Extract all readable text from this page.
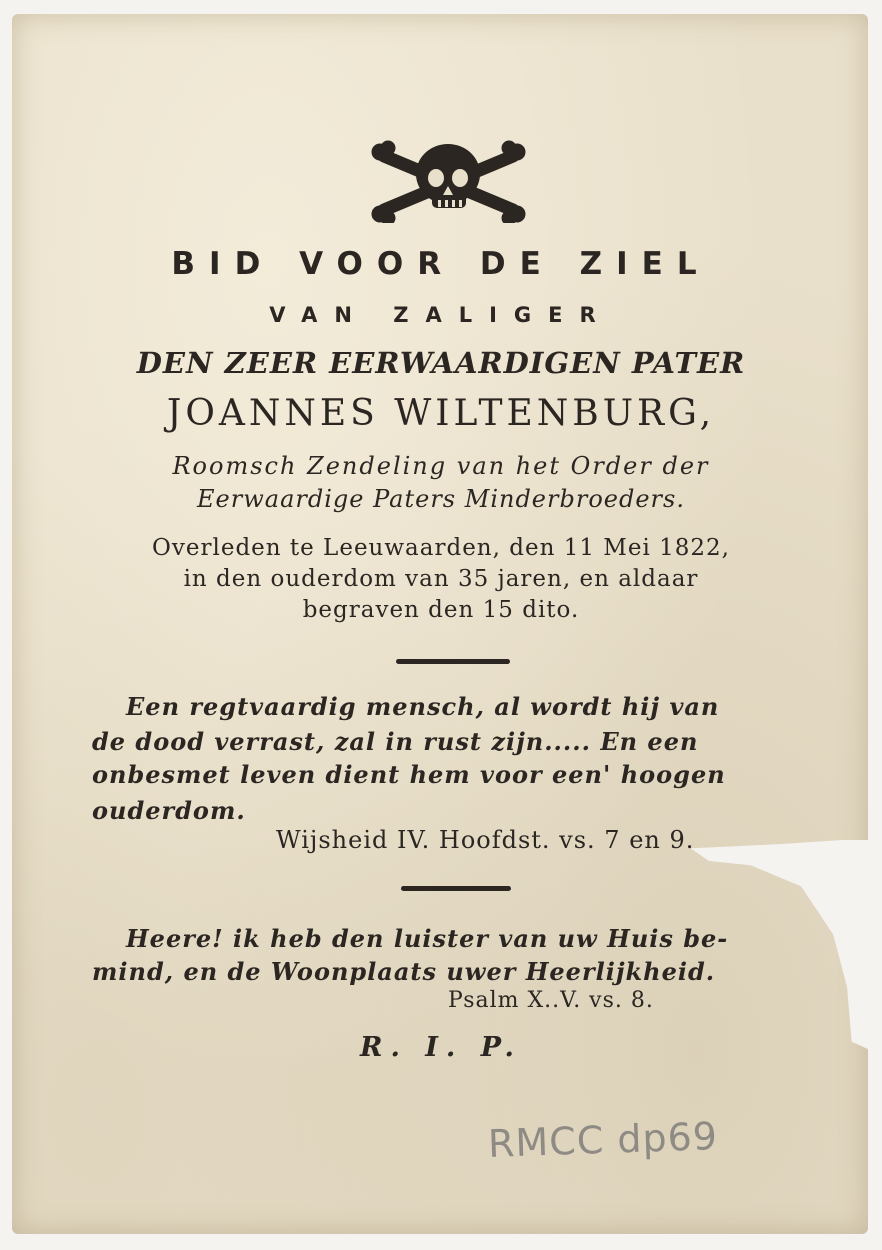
BID VOOR DE ZIEL
VAN ZALIGER
DEN ZEER EERWAARDIGEN PATER
JOANNES WILTENBURG,
Roomsch Zendeling van het Order der
Eerwaardige Paters Minderbroeders.
Overleden te Leeuwaarden, den 11 Mei 1822,
in den ouderdom van 35 jaren, en aldaar
begraven den 15 dito.
Een regtvaardig mensch, al wordt hij van
de dood verrast, zal in rust zijn..... En een
onbesmet leven dient hem voor een' hoogen
ouderdom.
Wijsheid IV. Hoofdst. vs. 7 en 9.
Heere! ik heb den luister van uw Huis be-
mind, en de Woonplaats uwer Heerlijkheid.
Psalm X..V. vs. 8.
R. I. P.
RMCC dp69
